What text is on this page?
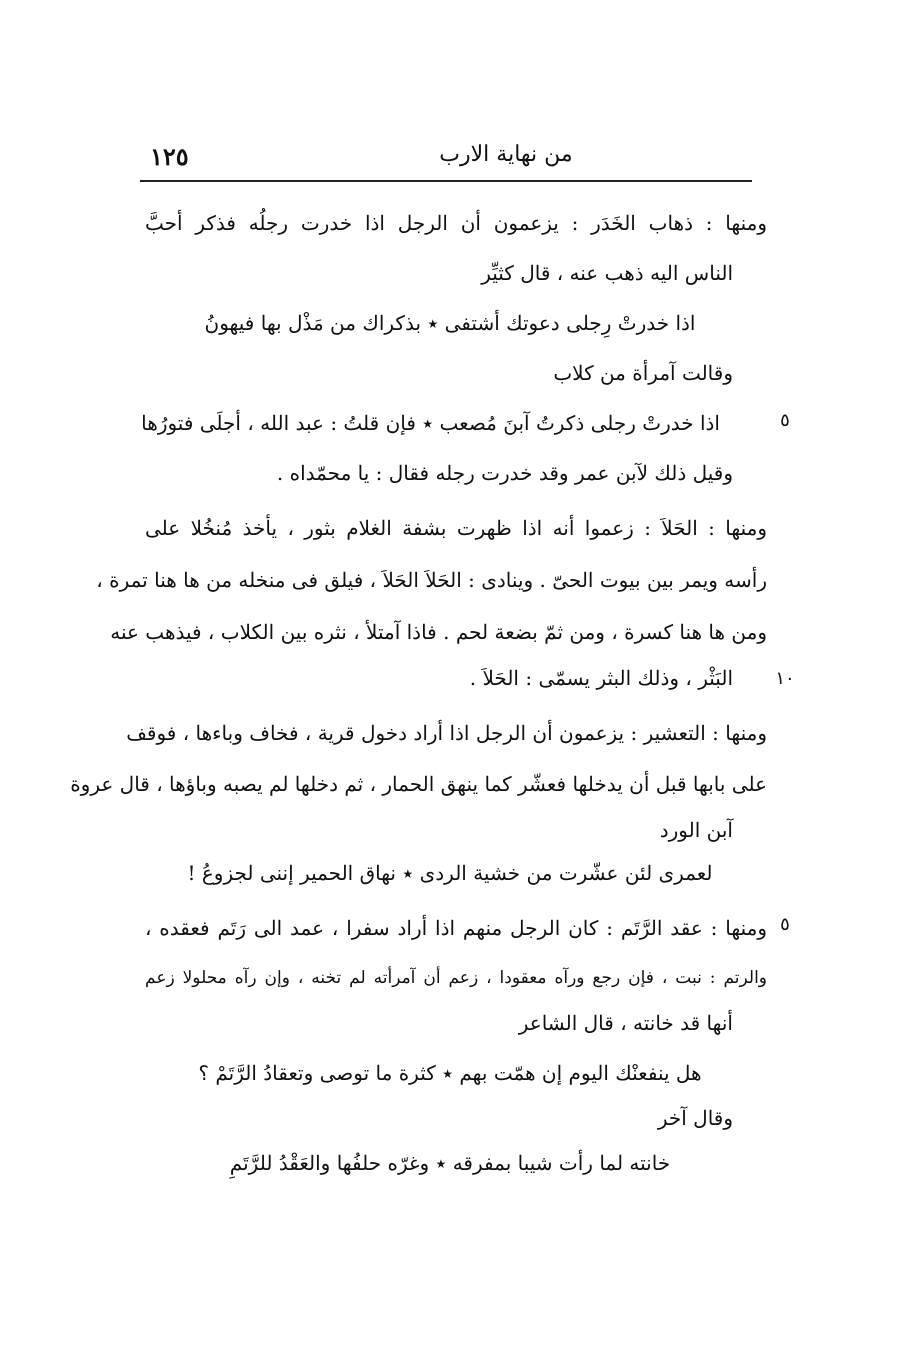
١٢٥	من نهاية الارب
ومنها : ذهاب الخَدَر : يزعمون أن الرجل اذا خدرت رجلُه فذكر أحبَّ
الناس اليه ذهب عنه ، قال كثيِّر
اذا خدرتْ رِجلى دعوتك أشتفى ٭ بذكراك من مَذْل بها فيهونُ
وقالت آمرأة من كلاب
اذا خدرتْ رجلى ذكرتُ آبنَ مُصعب ٭ فإن قلتُ : عبد الله ، أجلَى فتورُها	٥
وقيل ذلك لآبن عمر وقد خدرت رجله فقال : يا محمّداه .
ومنها : الحَلاَ : زعموا أنه اذا ظهرت بشفة الغلام بثور ، يأخذ مُنخُلا على
رأسه ويمر بين بيوت الحىّ . وينادى : الحَلاَ الحَلاَ ، فيلق فى منخله من ها هنا تمرة ،
ومن ها هنا كسرة ، ومن ثمّ بضعة لحم . فاذا آمتلأ ، نثره بين الكلاب ، فيذهب عنه
البَثْر ، وذلك البثر يسمّى : الحَلاَ . ١٠
ومنها : التعشير : يزعمون أن الرجل اذا أراد دخول قرية ، فخاف وباءها ، فوقف
على بابها قبل أن يدخلها فعشّر كما ينهق الحمار ، ثم دخلها لم يصبه وباؤها ، قال عروة
آبن الورد
لعمرى لئن عشّرت من خشية الردى ٭ نهاق الحمير إننى لجزوعُ !
ومنها : عقد الرَّتَم : كان الرجل منهم اذا أراد سفرا ، عمد الى رَتَم فعقده ، ٥
والرتم : نبت ، فإن رجع ورآه معقودا ، زعم أن آمرأته لم تخنه ، وإن رآه محلولا زعم
أنها قد خانته ، قال الشاعر
هل ينفعنْك اليوم إن همّت بهم ٭ كثرة ما توصى وتعقادُ الرَّتَمْ ؟
وقال آخر
خانته لما رأت شيبا بمفرقه ٭ وغرّه حلفُها والعَقْدُ للرَّتَمِ
